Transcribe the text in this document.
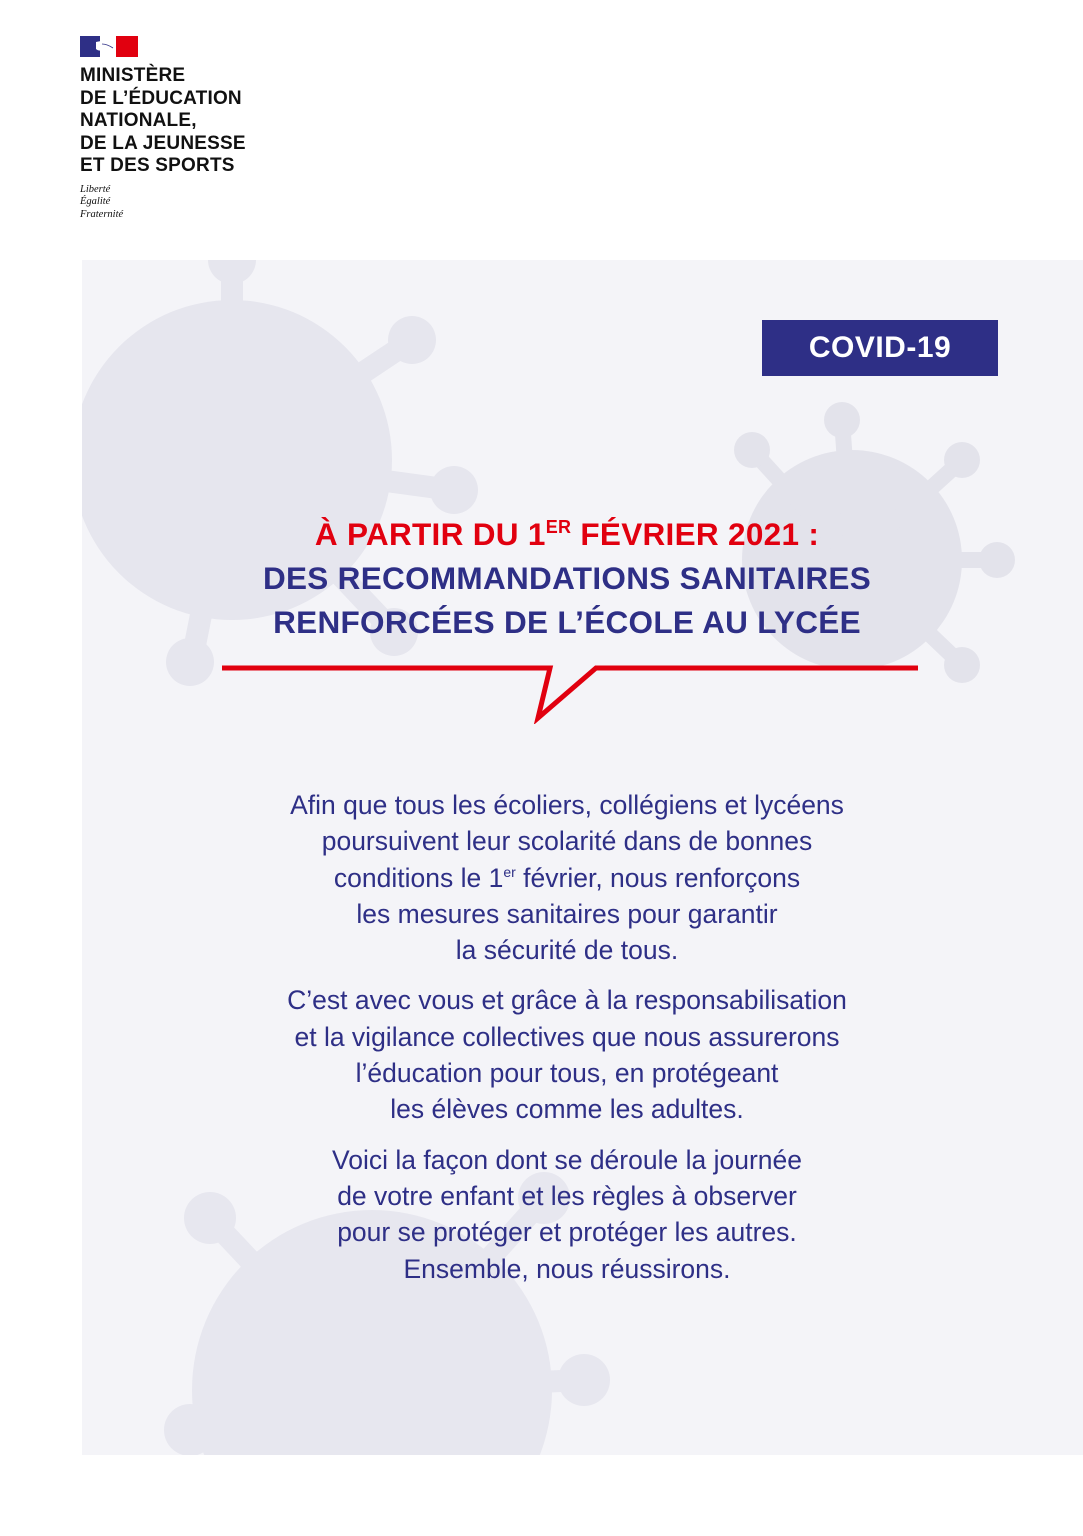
MINISTÈRE
DE L’ÉDUCATION
NATIONALE,
DE LA JEUNESSE
ET DES SPORTS
Liberté
Égalité
Fraternité
COVID-19
À PARTIR DU 1ER FÉVRIER 2021 :
DES RECOMMANDATIONS SANITAIRES
RENFORCÉES DE L’ÉCOLE AU LYCÉE

Afin que tous les écoliers, collégiens et lycéens
poursuivent leur scolarité dans de bonnes
conditions le 1er février, nous renforçons
les mesures sanitaires pour garantir
la sécurité de tous.

C’est avec vous et grâce à la responsabilisation
et la vigilance collectives que nous assurerons
l’éducation pour tous, en protégeant
les élèves comme les adultes.

Voici la façon dont se déroule la journée
de votre enfant et les règles à observer
pour se protéger et protéger les autres.

Ensemble, nous réussirons.
